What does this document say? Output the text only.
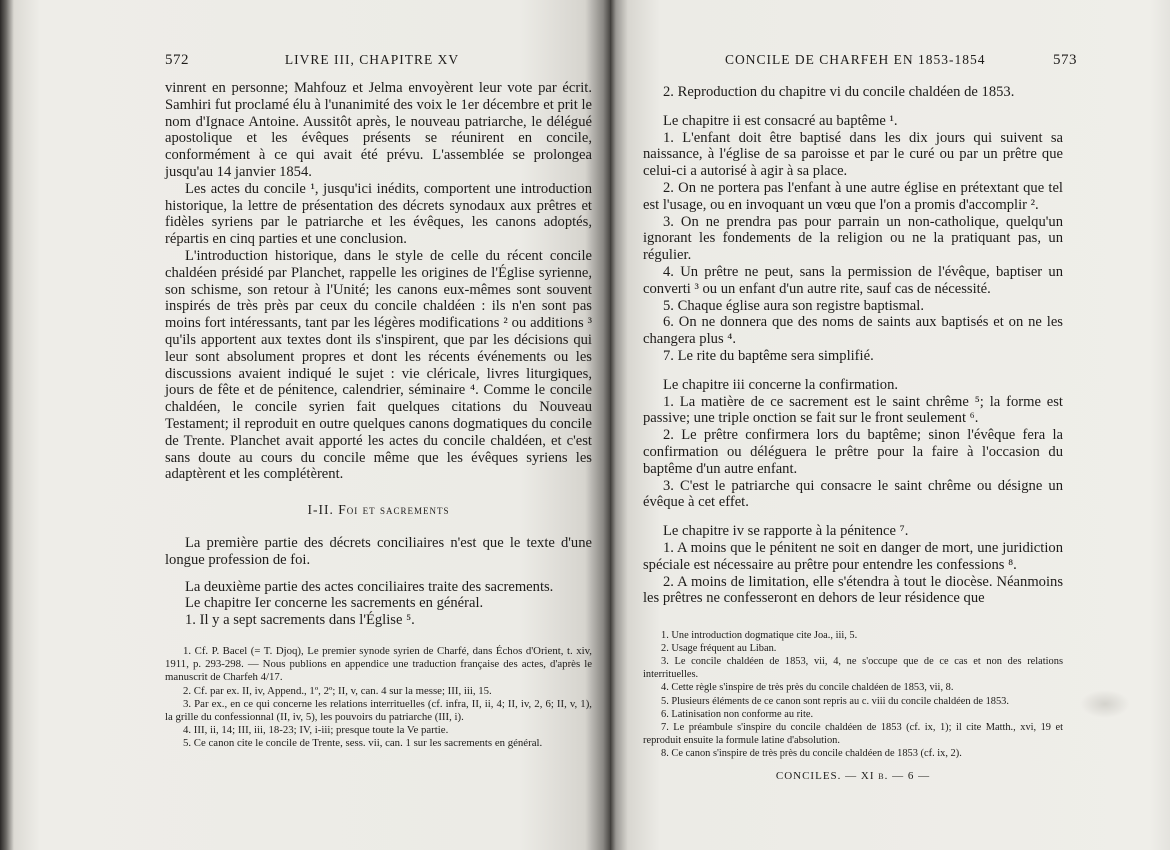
572	LIVRE III, CHAPITRE XV

vinrent en personne; Mahfouz et Jelma envoyèrent leur vote par écrit. Samhiri fut proclamé élu à l'unanimité des voix le 1er décembre et prit le nom d'Ignace Antoine. Aussitôt après, le nouveau patriarche, le délégué apostolique et les évêques présents se réunirent en concile, conformément à ce qui avait été prévu. L'assemblée se prolongea jusqu'au 14 janvier 1854.

Les actes du concile ¹, jusqu'ici inédits, comportent une introduction historique, la lettre de présentation des décrets synodaux aux prêtres et fidèles syriens par le patriarche et les évêques, les canons adoptés, répartis en cinq parties et une conclusion.

L'introduction historique, dans le style de celle du récent concile chaldéen présidé par Planchet, rappelle les origines de l'Église syrienne, son schisme, son retour à l'Unité; les canons eux-mêmes sont souvent inspirés de très près par ceux du concile chaldéen : ils n'en sont pas moins fort intéressants, tant par les légères modifications ² ou additions ³ qu'ils apportent aux textes dont ils s'inspirent, que par les décisions qui leur sont absolument propres et dont les récents événements ou les discussions avaient indiqué le sujet : vie cléricale, livres liturgiques, jours de fête et de pénitence, calendrier, séminaire ⁴. Comme le concile chaldéen, le concile syrien fait quelques citations du Nouveau Testament; il reproduit en outre quelques canons dogmatiques du concile de Trente. Planchet avait apporté les actes du concile chaldéen, et c'est sans doute au cours du concile même que les évêques syriens les adaptèrent et les complétèrent.

I-II. Foi et sacrements

La première partie des décrets conciliaires n'est que le texte d'une longue profession de foi.

La deuxième partie des actes conciliaires traite des sacrements.

Le chapitre Ier concerne les sacrements en général.

1. Il y a sept sacrements dans l'Église ⁵.

1. Cf. P. Bacel (= T. Djoq), Le premier synode syrien de Charfé, dans Échos d'Orient, t. xiv, 1911, p. 293-298. — Nous publions en appendice une traduction française des actes, d'après le manuscrit de Charfeh 4/17.

2. Cf. par ex. II, iv, Append., 1º, 2º; II, v, can. 4 sur la messe; III, iii, 15.

3. Par ex., en ce qui concerne les relations interrituelles (cf. infra, II, ii, 4; II, iv, 2, 6; II, v, 1), la grille du confessionnal (II, iv, 5), les pouvoirs du patriarche (III, i).

4. III, ii, 14; III, iii, 18-23; IV, i-iii; presque toute la Ve partie.

5. Ce canon cite le concile de Trente, sess. vii, can. 1 sur les sacrements en général.

CONCILE DE CHARFEH EN 1853-1854	573

2. Reproduction du chapitre vi du concile chaldéen de 1853.

Le chapitre ii est consacré au baptême ¹.

1. L'enfant doit être baptisé dans les dix jours qui suivent sa naissance, à l'église de sa paroisse et par le curé ou par un prêtre que celui-ci a autorisé à agir à sa place.

2. On ne portera pas l'enfant à une autre église en prétextant que tel est l'usage, ou en invoquant un vœu que l'on a promis d'accomplir ².

3. On ne prendra pas pour parrain un non-catholique, quelqu'un ignorant les fondements de la religion ou ne la pratiquant pas, un régulier.

4. Un prêtre ne peut, sans la permission de l'évêque, baptiser un converti ³ ou un enfant d'un autre rite, sauf cas de nécessité.

5. Chaque église aura son registre baptismal.

6. On ne donnera que des noms de saints aux baptisés et on ne les changera plus ⁴.

7. Le rite du baptême sera simplifié.

Le chapitre iii concerne la confirmation.

1. La matière de ce sacrement est le saint chrême ⁵; la forme est passive; une triple onction se fait sur le front seulement ⁶.

2. Le prêtre confirmera lors du baptême; sinon l'évêque fera la confirmation ou déléguera le prêtre pour la faire à l'occasion du baptême d'un autre enfant.

3. C'est le patriarche qui consacre le saint chrême ou désigne un évêque à cet effet.

Le chapitre iv se rapporte à la pénitence ⁷.

1. A moins que le pénitent ne soit en danger de mort, une juridiction spéciale est nécessaire au prêtre pour entendre les confessions ⁸.

2. A moins de limitation, elle s'étendra à tout le diocèse. Néanmoins les prêtres ne confesseront en dehors de leur résidence que

1. Une introduction dogmatique cite Joa., iii, 5.

2. Usage fréquent au Liban.

3. Le concile chaldéen de 1853, vii, 4, ne s'occupe que de ce cas et non des relations interrituelles.

4. Cette règle s'inspire de très près du concile chaldéen de 1853, vii, 8.

5. Plusieurs éléments de ce canon sont repris au c. viii du concile chaldéen de 1853.

6. Latinisation non conforme au rite.

7. Le préambule s'inspire du concile chaldéen de 1853 (cf. ix, 1); il cite Matth., xvi, 19 et reproduit ensuite la formule latine d'absolution.

8. Ce canon s'inspire de très près du concile chaldéen de 1853 (cf. ix, 2).

CONCILES. — XI b. — 6 —
